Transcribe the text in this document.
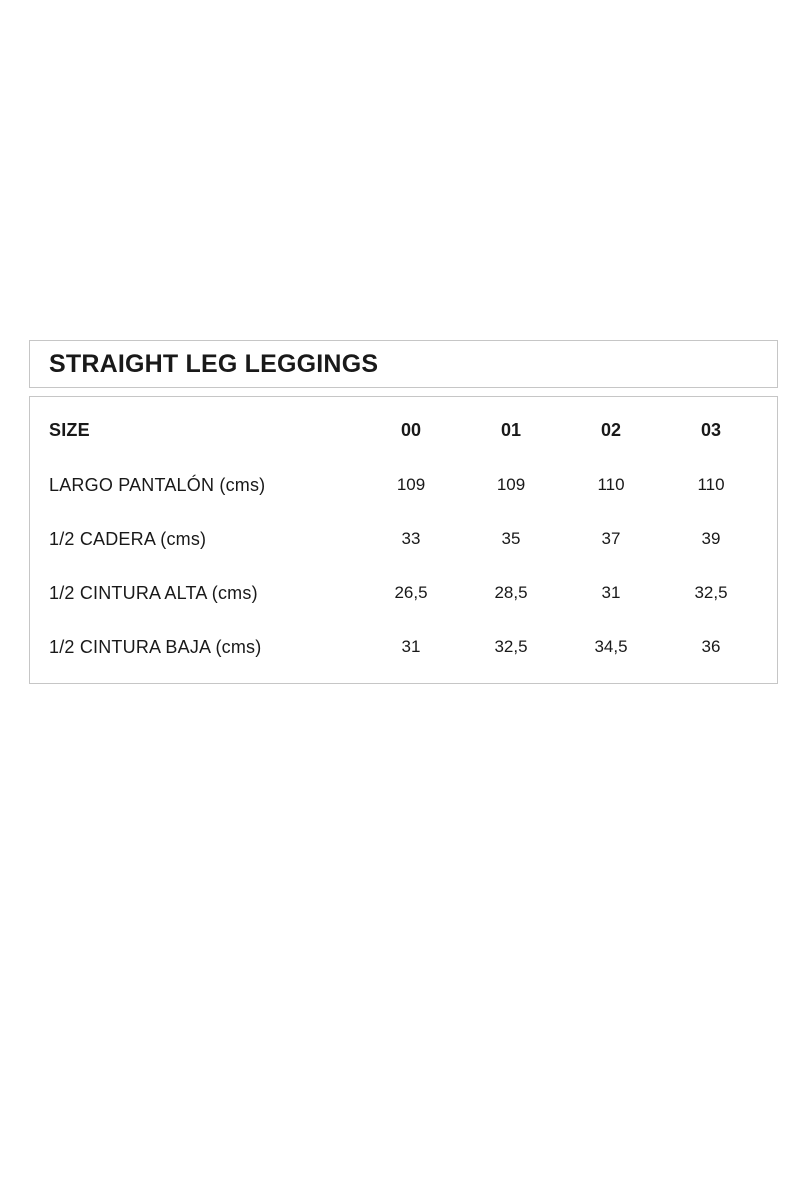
STRAIGHT LEG LEGGINGS
SIZE	00	01	02	03
LARGO PANTALÓN (cms)	109	109	110	110
1/2 CADERA (cms)	33	35	37	39
1/2 CINTURA ALTA (cms)	26,5	28,5	31	32,5
1/2 CINTURA BAJA (cms)	31	32,5	34,5	36
